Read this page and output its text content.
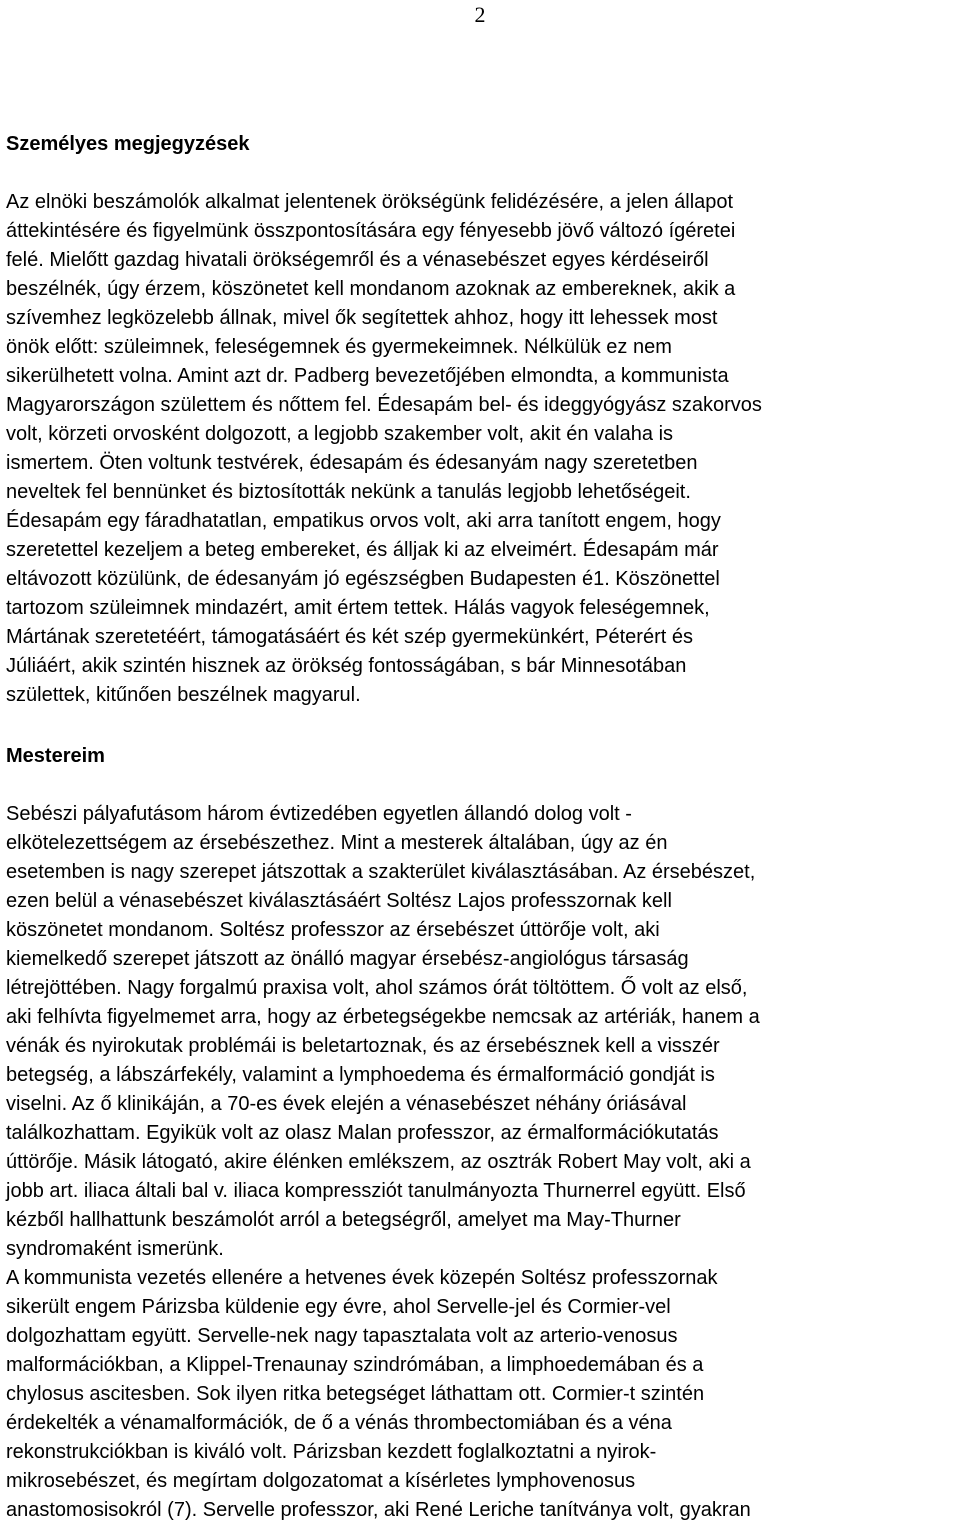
2
Személyes megjegyzések
Az elnöki beszámolók alkalmat jelentenek örökségünk felidézésére, a jelen állapot
áttekintésére és figyelmünk összpontosítására egy fényesebb jövő változó ígéretei
felé. Mielőtt gazdag hivatali örökségemről és a vénasebészet egyes kérdéseiről
beszélnék, úgy érzem, köszönetet kell mondanom azoknak az embereknek, akik a
szívemhez legközelebb állnak, mivel ők segítettek ahhoz, hogy itt lehessek most
önök előtt: szüleimnek, feleségemnek és gyermekeimnek. Nélkülük ez nem
sikerülhetett volna. Amint azt dr. Padberg bevezetőjében elmondta, a kommunista
Magyarországon születtem és nőttem fel. Édesapám bel- és ideggyógyász szakorvos
volt, körzeti orvosként dolgozott, a legjobb szakember volt, akit én valaha is
ismertem. Öten voltunk testvérek, édesapám és édesanyám nagy szeretetben
neveltek fel bennünket és biztosították nekünk a tanulás legjobb lehetőségeit.
Édesapám egy fáradhatatlan, empatikus orvos volt, aki arra tanított engem, hogy
szeretettel kezeljem a beteg embereket, és álljak ki az elveimért. Édesapám már
eltávozott közülünk, de édesanyám jó egészségben Budapesten é1. Köszönettel
tartozom szüleimnek mindazért, amit értem tettek. Hálás vagyok feleségemnek,
Mártának szeretetéért, támogatásáért és két szép gyermekünkért, Péterért és
Júliáért, akik szintén hisznek az örökség fontosságában, s bár Minnesotában
születtek, kitűnően beszélnek magyarul.
Mestereim
Sebészi pályafutásom három évtizedében egyetlen állandó dolog volt -
elkötelezettségem az érsebészethez. Mint a mesterek általában, úgy az én
esetemben is nagy szerepet játszottak a szakterület kiválasztásában. Az érsebészet,
ezen belül a vénasebészet kiválasztásáért Soltész Lajos professzornak kell
köszönetet mondanom. Soltész professzor az érsebészet úttörője volt, aki
kiemelkedő szerepet játszott az önálló magyar érsebész-angiológus társaság
létrejöttében. Nagy forgalmú praxisa volt, ahol számos órát töltöttem. Ő volt az első,
aki felhívta figyelmemet arra, hogy az érbetegségekbe nemcsak az artériák, hanem a
vénák és nyirokutak problémái is beletartoznak, és az érsebésznek kell a visszér
betegség, a lábszárfekély, valamint a lymphoedema és érmalformáció gondját is
viselni. Az ő klinikáján, a 70-es évek elején a vénasebészet néhány óriásával
találkozhattam. Egyikük volt az olasz Malan professzor, az érmalformációkutatás
úttörője. Másik látogató, akire élénken emlékszem, az osztrák Robert May volt, aki a
jobb art. iliaca általi bal v. iliaca kompressziót tanulmányozta Thurnerrel együtt. Első
kézből hallhattunk beszámolót arról a betegségről, amelyet ma May-Thurner
syndromaként ismerünk.
A kommunista vezetés ellenére a hetvenes évek közepén Soltész professzornak
sikerült engem Párizsba küldenie egy évre, ahol Servelle-jel és Cormier-vel
dolgozhattam együtt. Servelle-nek nagy tapasztalata volt az arterio-venosus
malformációkban, a Klippel-Trenaunay szindrómában, a limphoedemában és a
chylosus ascitesben. Sok ilyen ritka betegséget láthattam ott. Cormier-t szintén
érdekelték a vénamalformációk, de ő a vénás thrombectomiában és a véna
rekonstrukciókban is kiváló volt. Párizsban kezdett foglalkoztatni a nyirok-
mikrosebészet, és megírtam dolgozatomat a kísérletes lymphovenosus
anastomosisokról (7). Servelle professzor, aki René Leriche tanítványa volt, gyakran
